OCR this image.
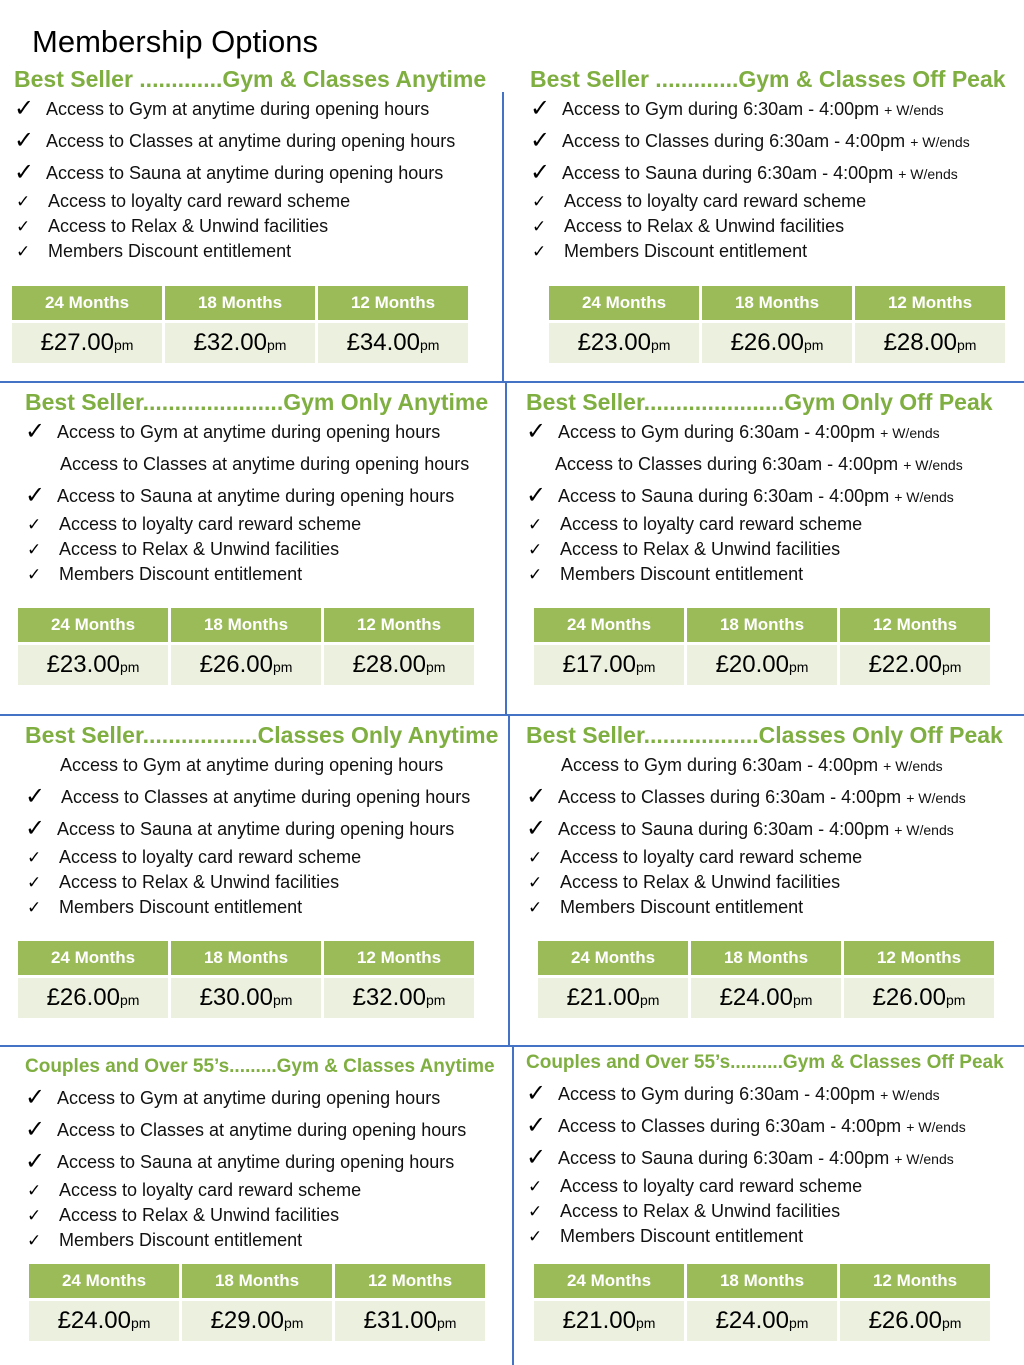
Membership Options
Best Seller .............Gym & Classes Anytime
✓ Access to Gym at anytime during opening hours
✓ Access to Classes at anytime during opening hours
✓ Access to Sauna at anytime during opening hours
✓ Access to loyalty card reward scheme
✓ Access to Relax & Unwind facilities
✓ Members Discount entitlement
24 Months	18 Months	12 Months
£27.00pm	£32.00pm	£34.00pm
Best Seller .............Gym & Classes Off Peak
✓ Access to Gym during 6:30am - 4:00pm + W/ends
✓ Access to Classes during 6:30am - 4:00pm + W/ends
✓ Access to Sauna during 6:30am - 4:00pm + W/ends
✓ Access to loyalty card reward scheme
✓ Access to Relax & Unwind facilities
✓ Members Discount entitlement
24 Months	18 Months	12 Months
£23.00pm	£26.00pm	£28.00pm
Best Seller......................Gym Only Anytime
✓ Access to Gym at anytime during opening hours
Access to Classes at anytime during opening hours
✓ Access to Sauna at anytime during opening hours
✓ Access to loyalty card reward scheme
✓ Access to Relax & Unwind facilities
✓ Members Discount entitlement
24 Months	18 Months	12 Months
£23.00pm	£26.00pm	£28.00pm
Best Seller......................Gym Only Off Peak
✓ Access to Gym during 6:30am - 4:00pm + W/ends
Access to Classes during 6:30am - 4:00pm + W/ends
✓ Access to Sauna during 6:30am - 4:00pm + W/ends
✓ Access to loyalty card reward scheme
✓ Access to Relax & Unwind facilities
✓ Members Discount entitlement
24 Months	18 Months	12 Months
£17.00pm	£20.00pm	£22.00pm
Best Seller..................Classes Only Anytime
Access to Gym at anytime during opening hours
✓ Access to Classes at anytime during opening hours
✓ Access to Sauna at anytime during opening hours
✓ Access to loyalty card reward scheme
✓ Access to Relax & Unwind facilities
✓ Members Discount entitlement
24 Months	18 Months	12 Months
£26.00pm	£30.00pm	£32.00pm
Best Seller..................Classes Only Off Peak
Access to Gym during 6:30am - 4:00pm + W/ends
✓ Access to Classes during 6:30am - 4:00pm + W/ends
✓ Access to Sauna during 6:30am - 4:00pm + W/ends
✓ Access to loyalty card reward scheme
✓ Access to Relax & Unwind facilities
✓ Members Discount entitlement
24 Months	18 Months	12 Months
£21.00pm	£24.00pm	£26.00pm
Couples and Over 55’s.........Gym & Classes Anytime
✓ Access to Gym at anytime during opening hours
✓ Access to Classes at anytime during opening hours
✓ Access to Sauna at anytime during opening hours
✓ Access to loyalty card reward scheme
✓ Access to Relax & Unwind facilities
✓ Members Discount entitlement
24 Months	18 Months	12 Months
£24.00pm	£29.00pm	£31.00pm
Couples and Over 55’s..........Gym & Classes Off Peak
✓ Access to Gym during 6:30am - 4:00pm + W/ends
✓ Access to Classes during 6:30am - 4:00pm + W/ends
✓ Access to Sauna during 6:30am - 4:00pm + W/ends
✓ Access to loyalty card reward scheme
✓ Access to Relax & Unwind facilities
✓ Members Discount entitlement
24 Months	18 Months	12 Months
£21.00pm	£24.00pm	£26.00pm
